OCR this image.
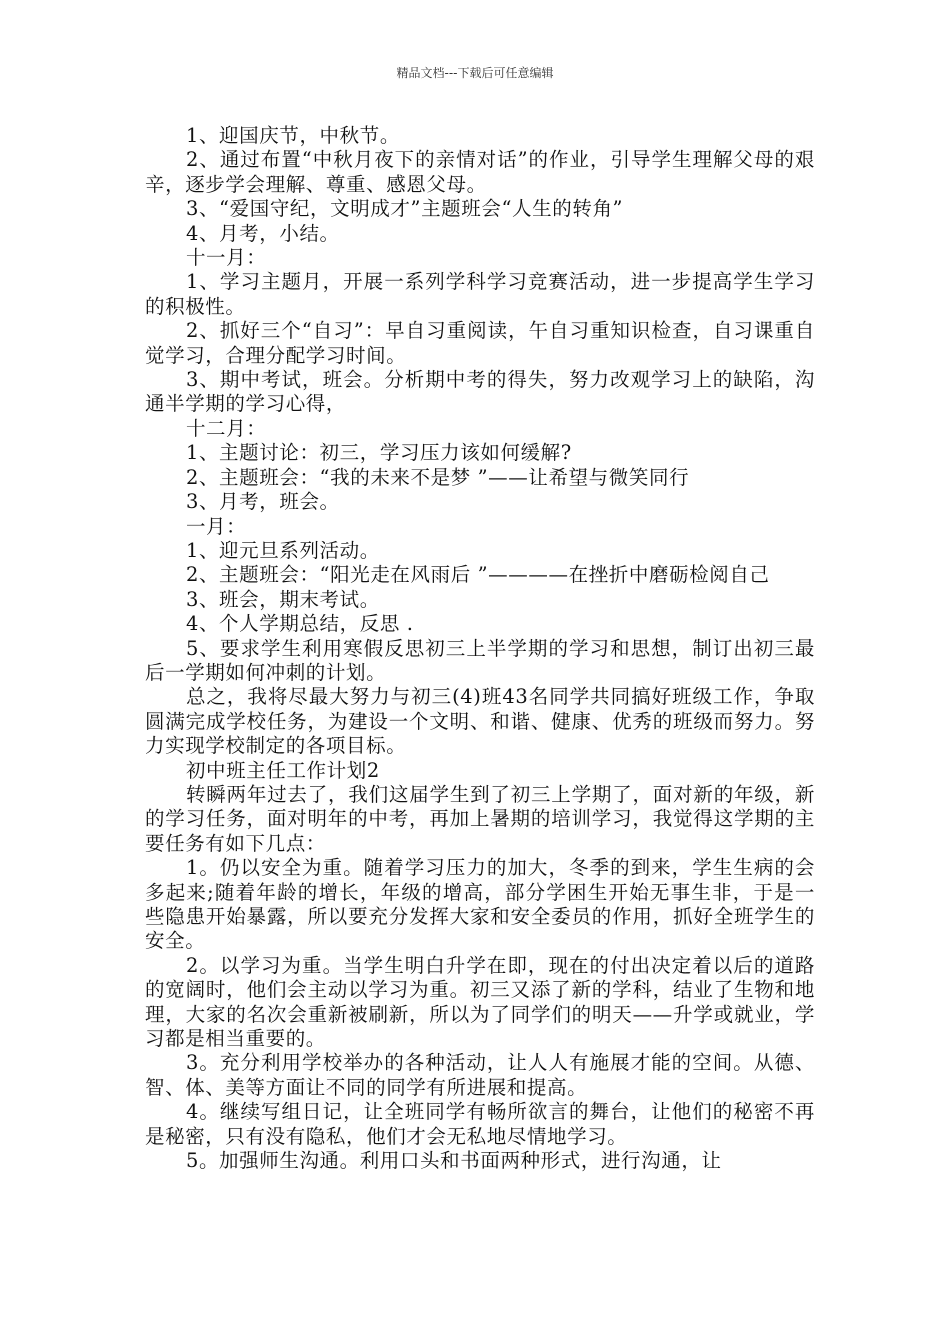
精品文档---下载后可任意编辑

1、迎国庆节，中秋节。

2、通过布置“中秋月夜下的亲情对话”的作业，引导学生理解父母的艰辛，逐步学会理解、尊重、感恩父母。

3、“爱国守纪，文明成才”主题班会“人生的转角”

4、月考，小结。

十一月：

1、学习主题月，开展一系列学科学习竞赛活动，进一步提高学生学习的积极性。

2、抓好三个“自习”：早自习重阅读，午自习重知识检查，自习课重自觉学习，合理分配学习时间。

3、期中考试，班会。分析期中考的得失，努力改观学习上的缺陷，沟通半学期的学习心得，

十二月：

1、主题讨论：初三，学习压力该如何缓解?

2、主题班会：“我的未来不是梦 ”——让希望与微笑同行

3、月考，班会。

一月：

1、迎元旦系列活动。

2、主题班会：“阳光走在风雨后 ”————在挫折中磨砺检阅自己

3、班会，期末考试。

4、个人学期总结，反思 .

5、要求学生利用寒假反思初三上半学期的学习和思想，制订出初三最后一学期如何冲刺的计划。

总之，我将尽最大努力与初三(4)班43名同学共同搞好班级工作，争取圆满完成学校任务，为建设一个文明、和谐、健康、优秀的班级而努力。努力实现学校制定的各项目标。

初中班主任工作计划2

转瞬两年过去了，我们这届学生到了初三上学期了，面对新的年级，新的学习任务，面对明年的中考，再加上暑期的培训学习，我觉得这学期的主要任务有如下几点：

1。仍以安全为重。随着学习压力的加大，冬季的到来，学生生病的会多起来;随着年龄的增长，年级的增高，部分学困生开始无事生非，于是一些隐患开始暴露，所以要充分发挥大家和安全委员的作用，抓好全班学生的安全。

2。以学习为重。当学生明白升学在即，现在的付出决定着以后的道路的宽阔时，他们会主动以学习为重。初三又添了新的学科，结业了生物和地理，大家的名次会重新被刷新，所以为了同学们的明天——升学或就业，学习都是相当重要的。

3。充分利用学校举办的各种活动，让人人有施展才能的空间。从德、智、体、美等方面让不同的同学有所进展和提高。

4。继续写组日记，让全班同学有畅所欲言的舞台，让他们的秘密不再是秘密，只有没有隐私，他们才会无私地尽情地学习。

5。加强师生沟通。利用口头和书面两种形式，进行沟通，让
